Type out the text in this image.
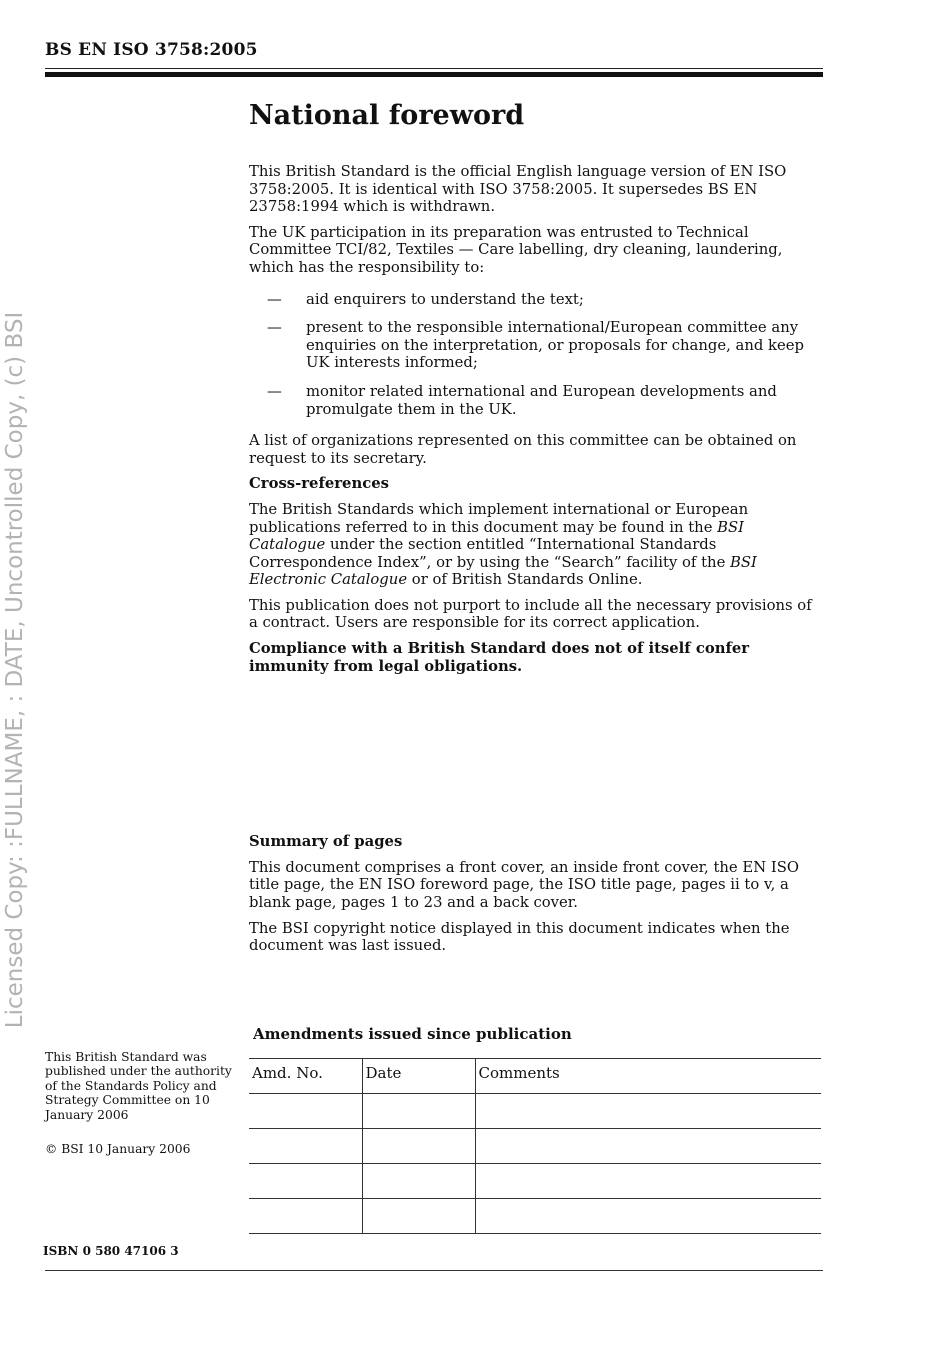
BS EN ISO 3758:2005
Licensed Copy: :FULLNAME, : DATE, Uncontrolled Copy, (c) BSI
National foreword

This British Standard is the official English language version of EN ISO 3758:2005. It is identical with ISO 3758:2005. It supersedes BS EN 23758:1994 which is withdrawn.

The UK participation in its preparation was entrusted to Technical Committee TCI/82, Textiles — Care labelling, dry cleaning, laundering, which has the responsibility to:

— aid enquirers to understand the text;
— present to the responsible international/European committee any enquiries on the interpretation, or proposals for change, and keep UK interests informed;
— monitor related international and European developments and promulgate them in the UK.

A list of organizations represented on this committee can be obtained on request to its secretary.

Cross-references

The British Standards which implement international or European publications referred to in this document may be found in the BSI Catalogue under the section entitled “International Standards Correspondence Index”, or by using the “Search” facility of the BSI Electronic Catalogue or of British Standards Online.

This publication does not purport to include all the necessary provisions of a contract. Users are responsible for its correct application.

Compliance with a British Standard does not of itself confer immunity from legal obligations.

Summary of pages

This document comprises a front cover, an inside front cover, the EN ISO title page, the EN ISO foreword page, the ISO title page, pages ii to v, a blank page, pages 1 to 23 and a back cover.

The BSI copyright notice displayed in this document indicates when the document was last issued.

This British Standard was published under the authority of the Standards Policy and Strategy Committee on 10 January 2006

© BSI 10 January 2006

Amendments issued since publication
Amd. No.	Date	Comments

ISBN 0 580 47106 3
